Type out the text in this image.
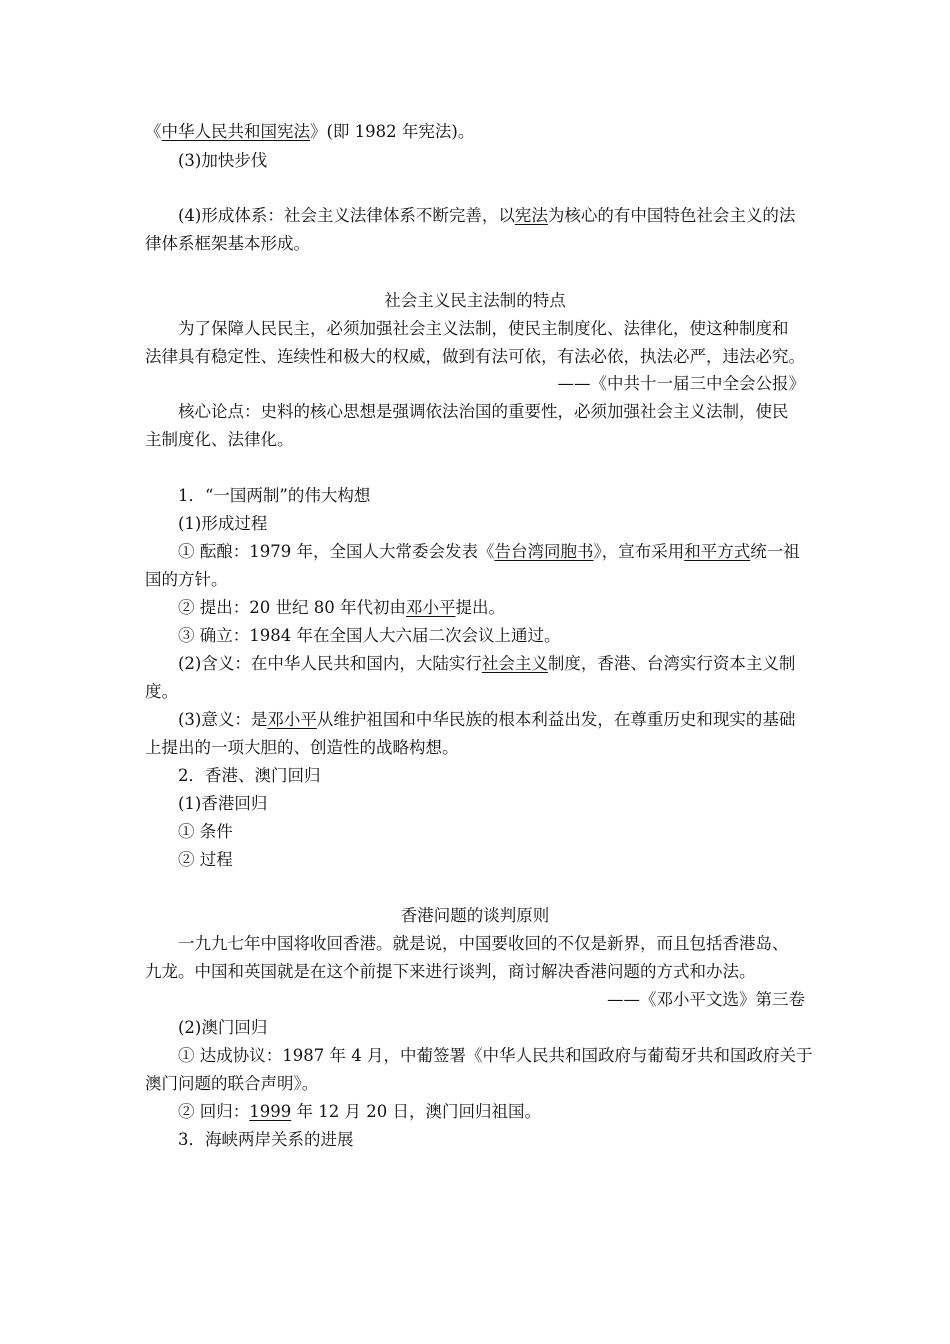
《中华人民共和国宪法》(即 1982 年宪法)。
(3)加快步伐
(4)形成体系：社会主义法律体系不断完善，以宪法为核心的有中国特色社会主义的法
律体系框架基本形成。
社会主义民主法制的特点
为了保障人民民主，必须加强社会主义法制，使民主制度化、法律化，使这种制度和
法律具有稳定性、连续性和极大的权威，做到有法可依，有法必依，执法必严，违法必究。
——《中共十一届三中全会公报》
核心论点：史料的核心思想是强调依法治国的重要性，必须加强社会主义法制，使民
主制度化、法律化。
1．“一国两制”的伟大构想
(1)形成过程
① 酝酿：1979 年，全国人大常委会发表《告台湾同胞书》，宣布采用和平方式统一祖
国的方针。
② 提出：20 世纪 80 年代初由邓小平提出。
③ 确立：1984 年在全国人大六届二次会议上通过。
(2)含义：在中华人民共和国内，大陆实行社会主义制度，香港、台湾实行资本主义制
度。
(3)意义：是邓小平从维护祖国和中华民族的根本利益出发，在尊重历史和现实的基础
上提出的一项大胆的、创造性的战略构想。
2．香港、澳门回归
(1)香港回归
① 条件
② 过程
香港问题的谈判原则
一九九七年中国将收回香港。就是说，中国要收回的不仅是新界，而且包括香港岛、
九龙。中国和英国就是在这个前提下来进行谈判，商讨解决香港问题的方式和办法。
——《邓小平文选》第三卷
(2)澳门回归
① 达成协议：1987 年 4 月，中葡签署《中华人民共和国政府与葡萄牙共和国政府关于
澳门问题的联合声明》。
② 回归：1999 年 12 月 20 日，澳门回归祖国。
3．海峡两岸关系的进展
